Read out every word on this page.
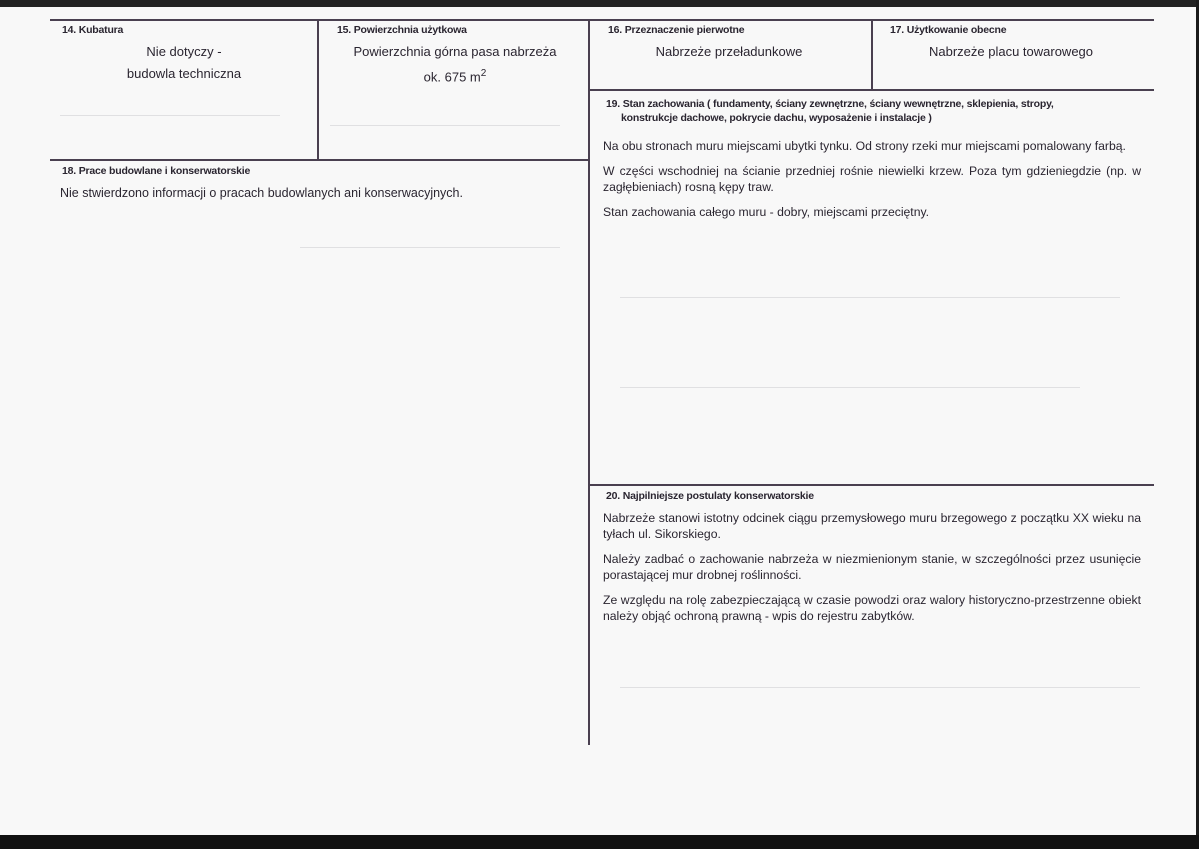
14. Kubatura
Nie dotyczy -
budowla techniczna
15. Powierzchnia użytkowa
Powierzchnia górna pasa nabrzeża
ok. 675 $m^2$
16. Przeznaczenie pierwotne
Nabrzeże przeładunkowe
17. Użytkowanie obecne
Nabrzeże placu towarowego
18. Prace budowlane i konserwatorskie
Nie stwierdzono informacji o pracach budowlanych ani konserwacyjnych.
19. Stan zachowania ( fundamenty, ściany zewnętrzne, ściany wewnętrzne, sklepienia, stropy,
konstrukcje dachowe, pokrycie dachu, wyposażenie i instalacje )

Na obu stronach muru miejscami ubytki tynku. Od strony rzeki mur miejscami pomalowany farbą.

W części wschodniej na ścianie przedniej rośnie niewielki krzew. Poza tym gdzieniegdzie (np. w zagłębieniach) rosną kępy traw.

Stan zachowania całego muru - dobry, miejscami przeciętny.

20. Najpilniejsze postulaty konserwatorskie

Nabrzeże stanowi istotny odcinek ciągu przemysłowego muru brzegowego z początku XX wieku na tyłach ul. Sikorskiego.

Należy zadbać o zachowanie nabrzeża w niezmienionym stanie, w szczególności przez usunięcie porastającej mur drobnej roślinności.

Ze względu na rolę zabezpieczającą w czasie powodzi oraz walory historyczno-przestrzenne obiekt należy objąć ochroną prawną - wpis do rejestru zabytków.
